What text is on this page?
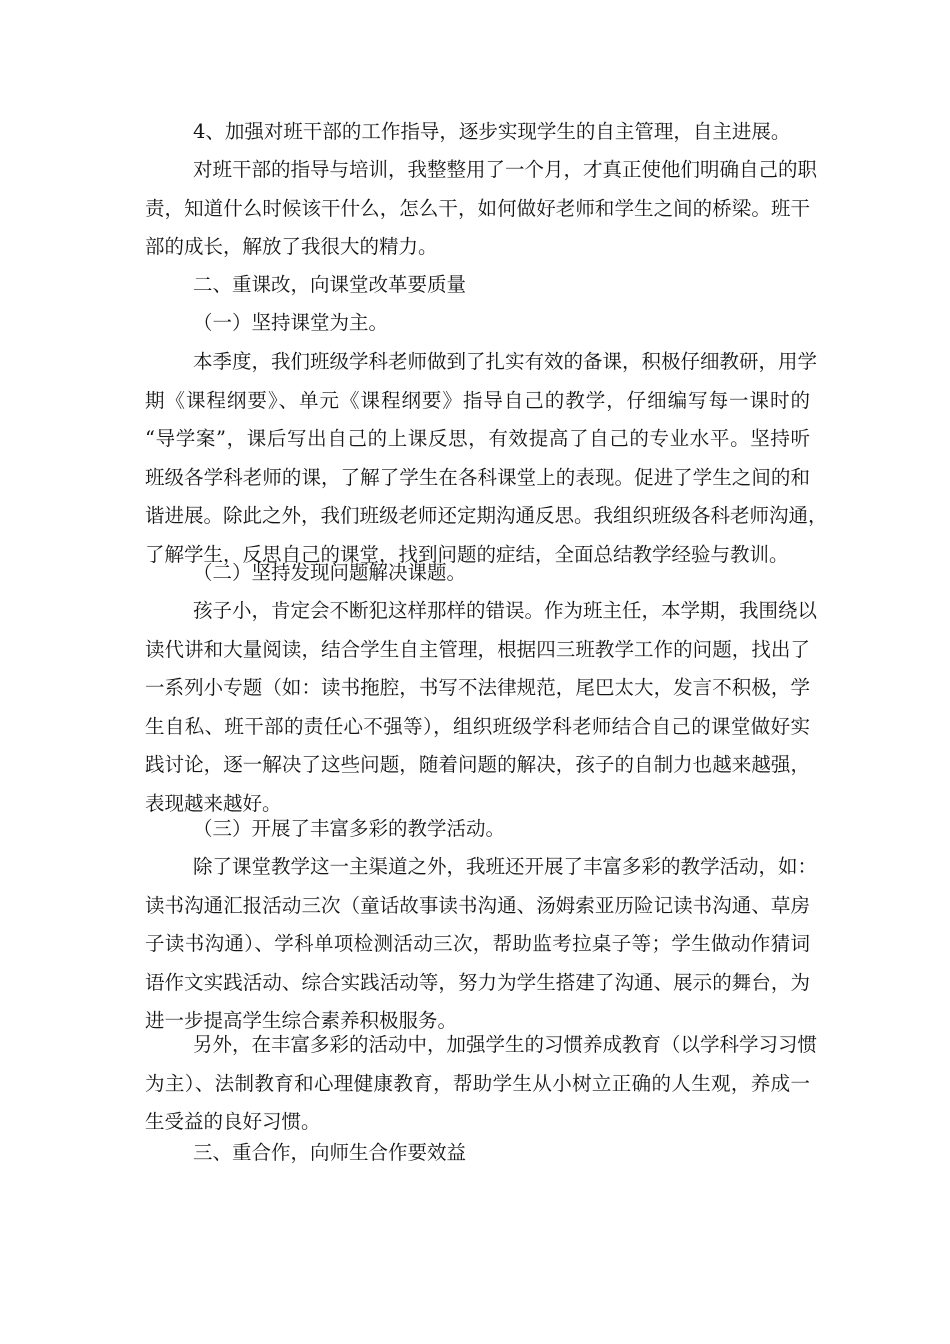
4、加强对班干部的工作指导，逐步实现学生的自主管理，自主进展。
对班干部的指导与培训，我整整用了一个月，才真正使他们明确自己的职
责，知道什么时候该干什么，怎么干，如何做好老师和学生之间的桥梁。班干
部的成长，解放了我很大的精力。
二、重课改，向课堂改革要质量
（一）坚持课堂为主。
本季度，我们班级学科老师做到了扎实有效的备课，积极仔细教研，用学
期《课程纲要》、单元《课程纲要》指导自己的教学，仔细编写每一课时的
“导学案”，课后写出自己的上课反思，有效提高了自己的专业水平。坚持听
班级各学科老师的课，了解了学生在各科课堂上的表现。促进了学生之间的和
谐进展。除此之外，我们班级老师还定期沟通反思。我组织班级各科老师沟通，
了解学生，反思自己的课堂，找到问题的症结，全面总结教学经验与教训。
（二）坚持发现问题解决课题。
孩子小，肯定会不断犯这样那样的错误。作为班主任，本学期，我围绕以
读代讲和大量阅读，结合学生自主管理，根据四三班教学工作的问题，找出了
一系列小专题（如：读书拖腔，书写不法律规范，尾巴太大，发言不积极，学
生自私、班干部的责任心不强等），组织班级学科老师结合自己的课堂做好实
践讨论，逐一解决了这些问题，随着问题的解决，孩子的自制力也越来越强，
表现越来越好。
（三）开展了丰富多彩的教学活动。
除了课堂教学这一主渠道之外，我班还开展了丰富多彩的教学活动，如：
读书沟通汇报活动三次（童话故事读书沟通、汤姆索亚历险记读书沟通、草房
子读书沟通）、学科单项检测活动三次，帮助监考拉桌子等；学生做动作猜词
语作文实践活动、综合实践活动等，努力为学生搭建了沟通、展示的舞台，为
进一步提高学生综合素养积极服务。
另外，在丰富多彩的活动中，加强学生的习惯养成教育（以学科学习习惯
为主）、法制教育和心理健康教育，帮助学生从小树立正确的人生观，养成一
生受益的良好习惯。
三、重合作，向师生合作要效益
